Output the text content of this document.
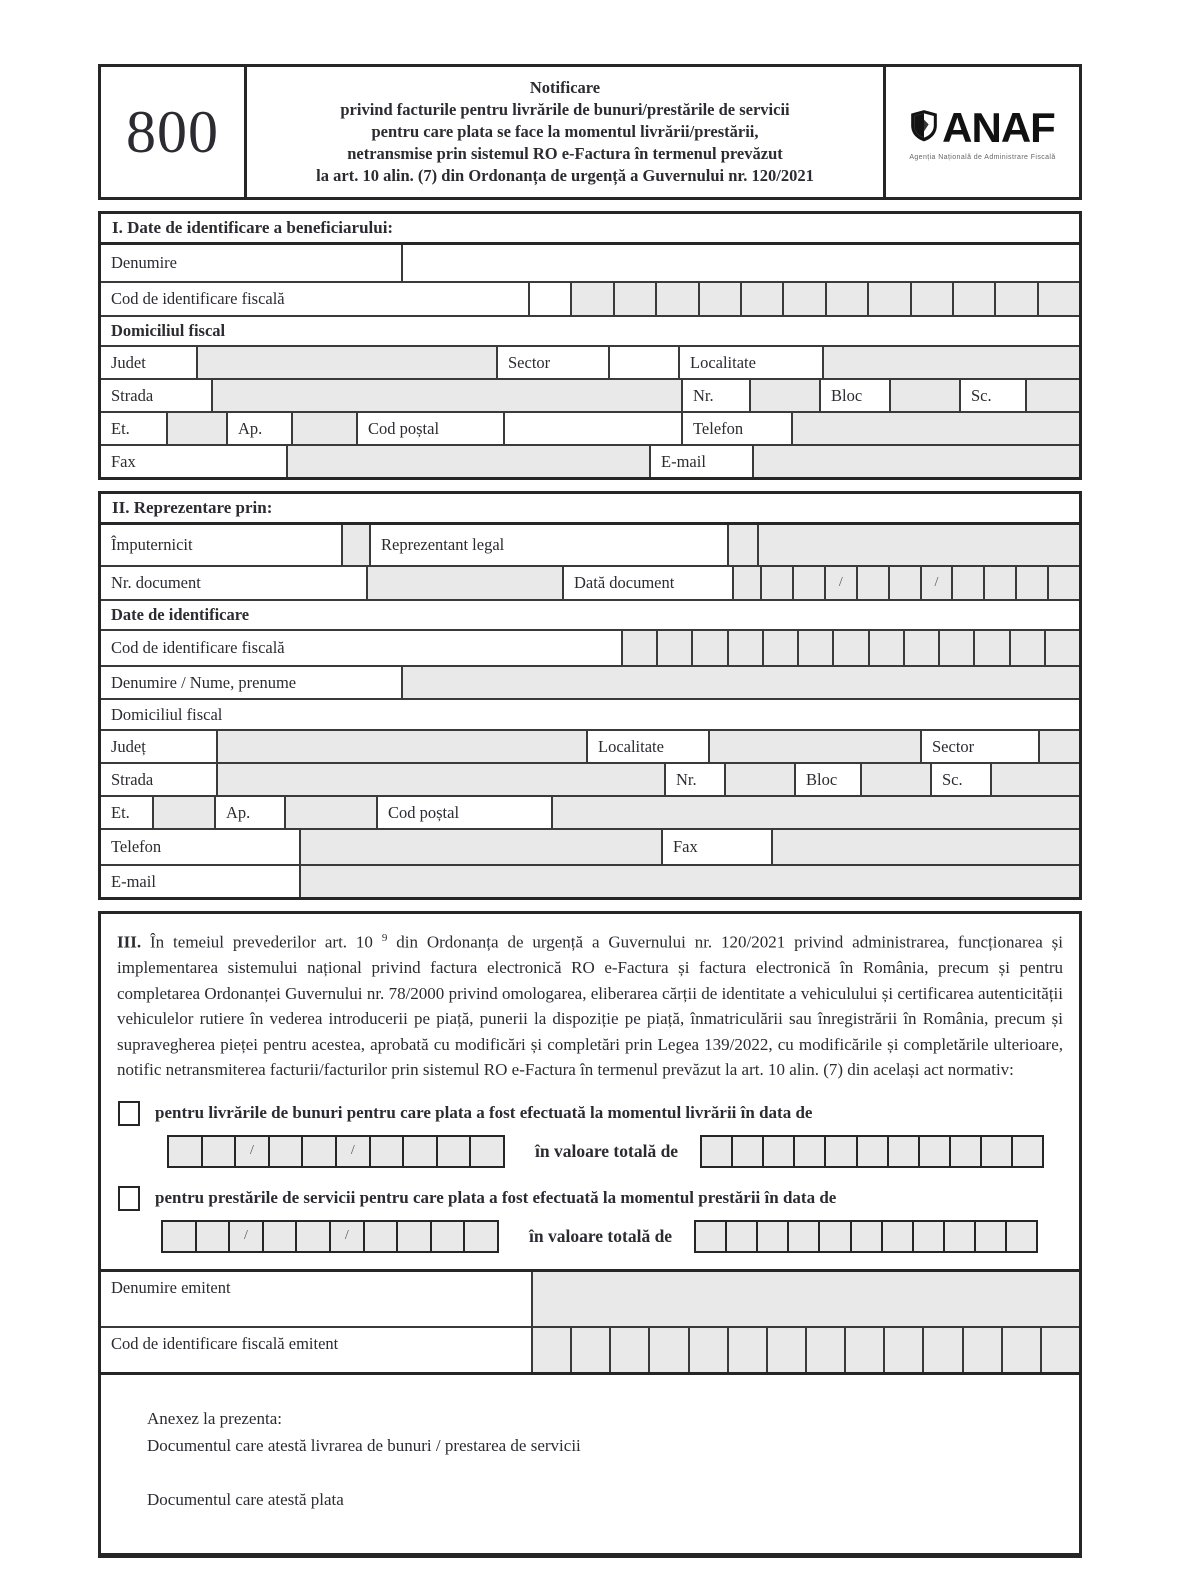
800
Notificare
privind facturile pentru livrările de bunuri/prestările de servicii
pentru care plata se face la momentul livrării/prestării,
netransmise prin sistemul RO e-Factura în termenul prevăzut
la art. 10 alin. (7) din Ordonanța de urgență a Guvernului nr. 120/2021
ANAF
Agenția Națională de Administrare Fiscală
I. Date de identificare a beneficiarului:
Denumire
Cod de identificare fiscală
Domiciliul fiscal
Judet	Sector	Localitate
Strada	Nr.	Bloc	Sc.
Et.	Ap.	Cod poștal	Telefon
Fax	E-mail
II. Reprezentare prin:
Împuternicit	Reprezentant legal
Nr. document	Dată document	/	/
Date de identificare
Cod de identificare fiscală
Denumire / Nume, prenume
Domiciliul fiscal
Județ	Localitate	Sector
Strada	Nr.	Bloc	Sc.
Et.	Ap.	Cod poștal
Telefon	Fax
E-mail

III. În temeiul prevederilor art. 10 $^9$ din Ordonanța de urgență a Guvernului nr. 120/2021 privind administrarea, funcționarea și implementarea sistemului național privind factura electronică RO e-Factura și factura electronică în România, precum și pentru completarea Ordonanței Guvernului nr. 78/2000 privind omologarea, eliberarea cărții de identitate a vehiculului și certificarea autenticității vehiculelor rutiere în vederea introducerii pe piață, punerii la dispoziție pe piață, înmatriculării sau înregistrării în România, precum și supravegherea pieței pentru acestea, aprobată cu modificări și completări prin Legea 139/2022, cu modificările și completările ulterioare, notific netransmiterea facturii/facturilor prin sistemul RO e-Factura în termenul prevăzut la art. 10 alin. (7) din același act normativ:

pentru livrările de bunuri pentru care plata a fost efectuată la momentul livrării în data de
/	/	în valoare totală de
pentru prestările de servicii pentru care plata a fost efectuată la momentul prestării în data de
/	/	în valoare totală de
Denumire emitent
Cod de identificare fiscală emitent

Anexez la prezenta:

Documentul care atestă livrarea de bunuri / prestarea de servicii

Documentul care atestă plata
